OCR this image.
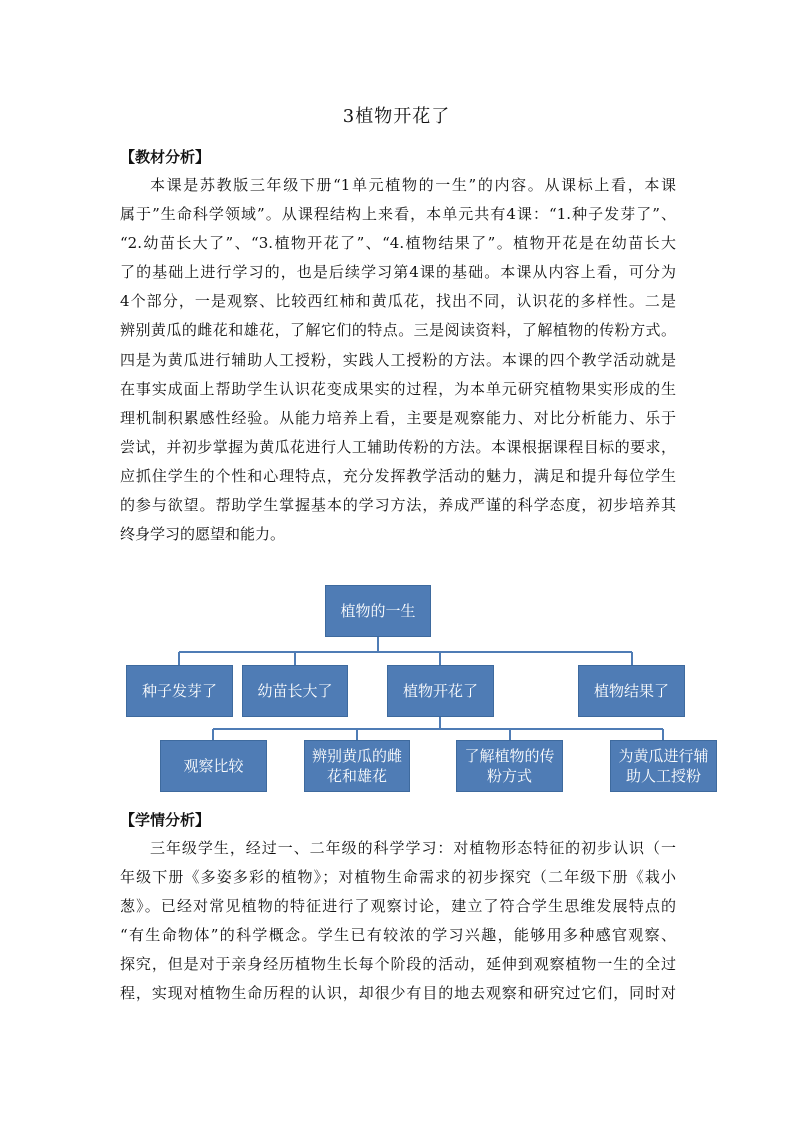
3植物开花了
【教材分析】
本课是苏教版三年级下册“1单元植物的一生”的内容。从课标上看，本课
属于”生命科学领域”。从课程结构上来看，本单元共有4课：“1.种子发芽了”、
“2.幼苗长大了”、“3.植物开花了”、“4.植物结果了”。植物开花是在幼苗长大
了的基础上进行学习的，也是后续学习第4课的基础。本课从内容上看，可分为
4个部分，一是观察、比较西红柿和黄瓜花，找出不同，认识花的多样性。二是
辨别黄瓜的雌花和雄花，了解它们的特点。三是阅读资料，了解植物的传粉方式。
四是为黄瓜进行辅助人工授粉，实践人工授粉的方法。本课的四个教学活动就是
在事实成面上帮助学生认识花变成果实的过程，为本单元研究植物果实形成的生
理机制积累感性经验。从能力培养上看，主要是观察能力、对比分析能力、乐于
尝试，并初步掌握为黄瓜花进行人工辅助传粉的方法。本课根据课程目标的要求，
应抓住学生的个性和心理特点，充分发挥教学活动的魅力，满足和提升每位学生
的参与欲望。帮助学生掌握基本的学习方法，养成严谨的科学态度，初步培养其
终身学习的愿望和能力。
植物的一生
种子发芽了	幼苗长大了	植物开花了	植物结果了
观察比较
辨别黄瓜的雌花和雄花
了解植物的传粉方式
为黄瓜进行辅助人工授粉
【学情分析】
三年级学生，经过一、二年级的科学学习：对植物形态特征的初步认识（一
年级下册《多姿多彩的植物》；对植物生命需求的初步探究（二年级下册《栽小
葱》。已经对常见植物的特征进行了观察讨论，建立了符合学生思维发展特点的
“有生命物体”的科学概念。学生已有较浓的学习兴趣，能够用多种感官观察、
探究，但是对于亲身经历植物生长每个阶段的活动，延伸到观察植物一生的全过
程，实现对植物生命历程的认识，却很少有目的地去观察和研究过它们，同时对
